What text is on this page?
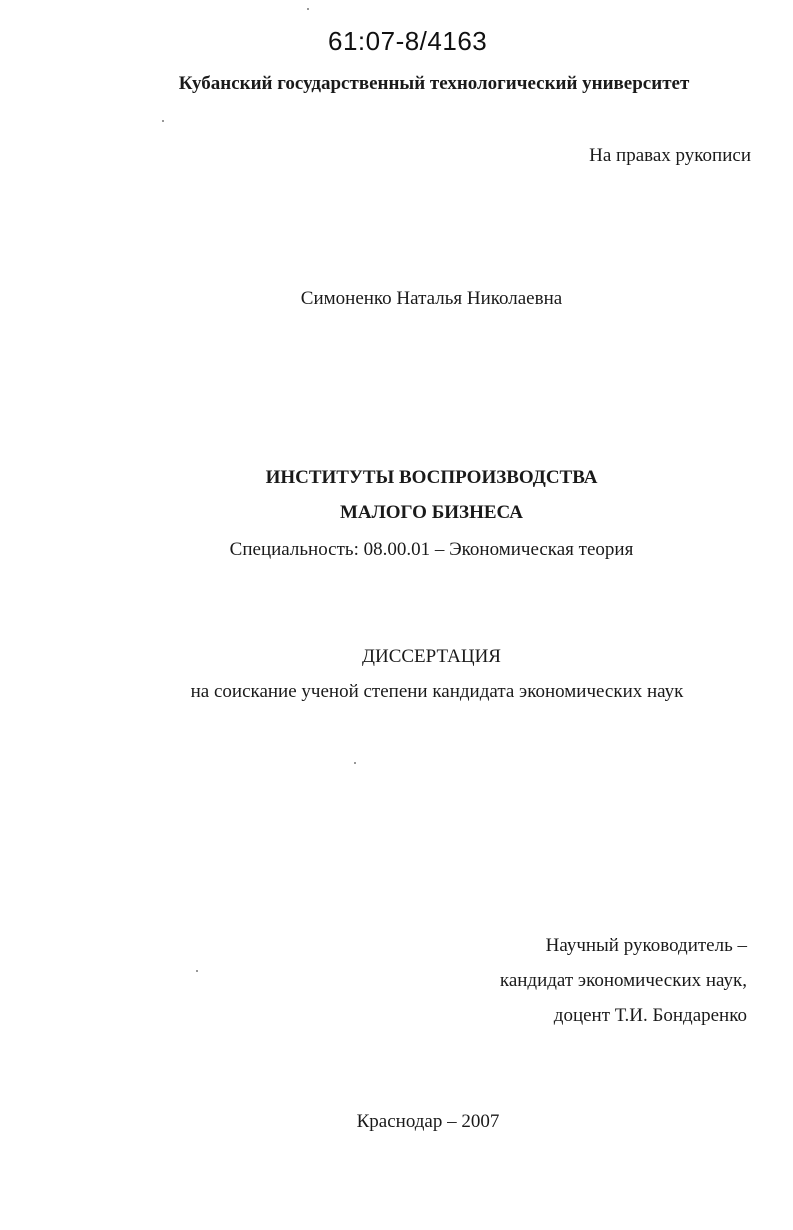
61:07-8/4163
Кубанский государственный технологический университет
На правах рукописи
Симоненко Наталья Николаевна
ИНСТИТУТЫ ВОСПРОИЗВОДСТВА
МАЛОГО БИЗНЕСА
Специальность: 08.00.01 – Экономическая теория
ДИССЕРТАЦИЯ
на соискание ученой степени кандидата экономических наук
Научный руководитель –
кандидат экономических наук,
доцент Т.И. Бондаренко
Краснодар – 2007
